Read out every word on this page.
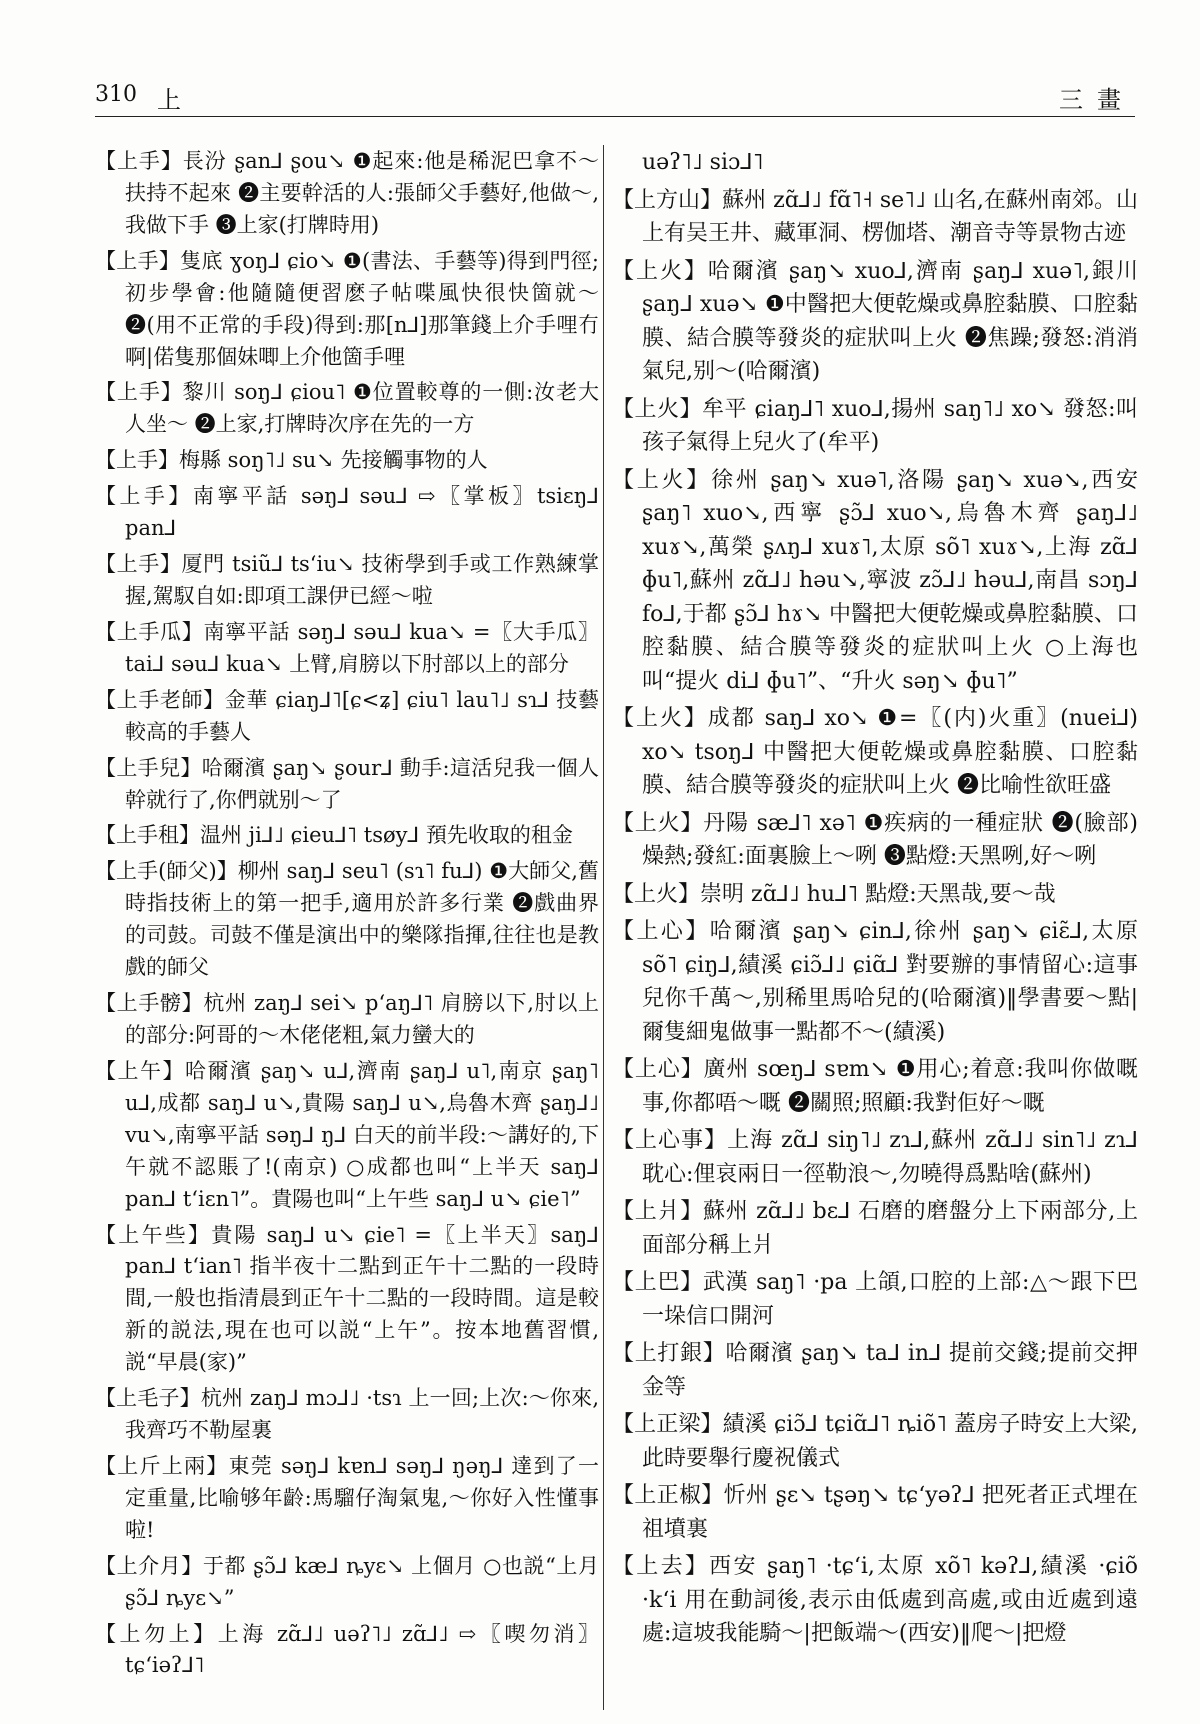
310 上	三畫
【上手】長汾 ʂan⅃ ʂou↘ ❶起來:他是稀泥巴拿不～扶持不起來 ❷主要幹活的人:張師父手藝好,他做～,我做下手 ❸上家(打牌時用)
【上手】隻底 ɣoŋ⅃ ɕio↘ ❶(書法、手藝等)得到門徑;初步學會:他隨隨便習麽子帖喋風快很快箇就～ ❷(用不正常的手段)得到:那[n⅃]那筆錢上介手哩冇啊|偌隻那個妹唧上介他箇手哩
【上手】黎川 soŋ⅃ ɕiou˥ ❶位置較尊的一側:汝老大人坐～ ❷上家,打牌時次序在先的一方
【上手】梅縣 soŋ˥˩ su↘ 先接觸事物的人
【上手】南寧平話 səŋ⅃ səu⅃ ⇨〖掌板〗tsiɛŋ⅃ pan⅃
【上手】厦門 tsiũ⅃ tsʻiu↘ 技術學到手或工作熟練掌握,駕馭自如:即項工課伊已經～啦
【上手瓜】南寧平話 səŋ⅃ səu⅃ kua↘ =〖大手瓜〗tai⅃ səu⅃ kua↘ 上臂,肩膀以下肘部以上的部分
【上手老師】金華 ɕiaŋ⅃˥[ɕ<ʑ] ɕiu˥ lau˥˩ sɿ⅃ 技藝較高的手藝人
【上手兒】哈爾濱 ʂaŋ↘ ʂour⅃ 動手:這活兒我一個人幹就行了,你們就别～了
【上手租】温州 ji⅃˩ ɕieu⅃˥ tsøy⅃ 預先收取的租金
【上手(師父)】柳州 saŋ⅃ seu˥ (sɿ˥ fu⅃) ❶大師父,舊時指技術上的第一把手,適用於許多行業 ❷戲曲界的司鼓。司鼓不僅是演出中的樂隊指揮,往往也是教戲的師父
【上手髈】杭州 zaŋ⅃ sei↘ pʻaŋ⅃˥ 肩膀以下,肘以上的部分:阿哥的～木佬佬粗,氣力蠻大的
【上午】哈爾濱 ʂaŋ↘ u⅃,濟南 ʂaŋ⅃ u˥,南京 ʂaŋ˥ u⅃,成都 saŋ⅃ u↘,貴陽 saŋ⅃ u↘,烏魯木齊 ʂaŋ⅃˩ vu↘,南寧平話 səŋ⅃ ŋ⅃ 白天的前半段:～講好的,下午就不認賬了!(南京) ○成都也叫“上半天 saŋ⅃ pan⅃ tʻiɛn˥”。貴陽也叫“上午些 saŋ⅃ u↘ ɕie˥”
【上午些】貴陽 saŋ⅃ u↘ ɕie˥ =〖上半天〗saŋ⅃ pan⅃ tʻian˥ 指半夜十二點到正午十二點的一段時間,一般也指清晨到正午十二點的一段時間。這是較新的説法,現在也可以説“上午”。按本地舊習慣,説“早晨(家)”
【上毛子】杭州 zaŋ⅃ mɔ⅃˩ ·tsɿ 上一回;上次:～你來,我齊巧不勒屋裏
【上斤上兩】東莞 səŋ⅃ kɐn⅃ səŋ⅃ ŋəŋ⅃ 達到了一定重量,比喻够年齡:馬騮仔淘氣鬼,～你好入性懂事啦!
【上介月】于都 ʂɔ̃⅃ kæ⅃ ȵyɛ↘ 上個月 ○也説“上月 ʂɔ̃⅃ ȵyɛ↘”
【上勿上】上海 zɑ̃⅃˩ uəʔ˥˩ zɑ̃⅃˩ ⇨〖喫勿消〗tɕʻiəʔ⅃˥
uəʔ˥˩ siɔ⅃˥
【上方山】蘇州 zɑ̃⅃˩ fɑ̃˥˧ se˥˩ 山名,在蘇州南郊。山上有吴王井、藏軍洞、楞伽塔、潮音寺等景物古迹
【上火】哈爾濱 ʂaŋ↘ xuo⅃,濟南 ʂaŋ⅃ xuə˥,銀川 ʂaŋ⅃ xuə↘ ❶中醫把大便乾燥或鼻腔黏膜、口腔黏膜、結合膜等發炎的症狀叫上火 ❷焦躁;發怒:消消氣兒,别～(哈爾濱)
【上火】牟平 ɕiaŋ⅃˥ xuo⅃,揚州 saŋ˥˩ xo↘ 發怒:叫孩子氣得上兒火了(牟平)
【上火】徐州 ʂaŋ↘ xuə˥,洛陽 ʂaŋ↘ xuə↘,西安 ʂaŋ˥ xuo↘,西寧 ʂɔ̃⅃ xuo↘,烏魯木齊 ʂaŋ⅃˩ xuɤ↘,萬榮 ʂʌŋ⅃ xuɤ˥,太原 sõ˥ xuɤ↘,上海 zɑ̃⅃ ɸu˥,蘇州 zɑ̃⅃˩ həu↘,寧波 zɔ̃⅃˩ həu⅃,南昌 sɔŋ⅃ fo⅃,于都 ʂɔ̃⅃ hɤ↘ 中醫把大便乾燥或鼻腔黏膜、口腔黏膜、結合膜等發炎的症狀叫上火 ○上海也叫“提火 di⅃ ɸu˥”、“升火 səŋ↘ ɸu˥”
【上火】成都 saŋ⅃ xo↘ ❶=〖(内)火重〗(nuei⅃) xo↘ tsoŋ⅃ 中醫把大便乾燥或鼻腔黏膜、口腔黏膜、結合膜等發炎的症狀叫上火 ❷比喻性欲旺盛
【上火】丹陽 sæ⅃˥ xə˥ ❶疾病的一種症狀 ❷(臉部)燥熱;發紅:面裏臉上～咧 ❸點燈:天黑咧,好～咧
【上火】崇明 zɑ̃⅃˩ hu⅃˥ 點燈:天黑哉,要～哉
【上心】哈爾濱 ʂaŋ↘ ɕin⅃,徐州 ʂaŋ↘ ɕiɛ̃⅃,太原 sõ˥ ɕiŋ⅃,績溪 ɕiɔ̃⅃˩ ɕiɑ̃⅃ 對要辦的事情留心:這事兒你千萬～,别稀里馬哈兒的(哈爾濱)‖學書要～點|爾隻細鬼做事一點都不～(績溪)
【上心】廣州 sœŋ⅃ sɐm↘ ❶用心;着意:我叫你做嘅事,你都唔～嘅 ❷關照;照顧:我對佢好～嘅
【上心事】上海 zɑ̃⅃ siŋ˥˩ zɿ⅃,蘇州 zɑ̃⅃˩ sin˥˩ zɿ⅃ 耽心:俚哀兩日一徑勒浪～,勿曉得爲點啥(蘇州)
【上爿】蘇州 zɑ̃⅃˩ bɛ⅃ 石磨的磨盤分上下兩部分,上面部分稱上爿
【上巴】武漢 saŋ˥ ·pa 上頜,口腔的上部:△～跟下巴一垛信口開河
【上打銀】哈爾濱 ʂaŋ↘ ta⅃ in⅃ 提前交錢;提前交押金等
【上正梁】績溪 ɕiɔ̃⅃ tɕiɑ̃⅃˥ ȵiõ˥ 蓋房子時安上大梁,此時要舉行慶祝儀式
【上正椒】忻州 ʂɛ↘ tʂəŋ↘ tɕʻyəʔ⅃ 把死者正式埋在祖墳裏
【上去】西安 ʂaŋ˥ ·tɕʻi,太原 xõ˥ kəʔ⅃,績溪 ·ɕiõ ·kʻi 用在動詞後,表示由低處到高處,或由近處到遠處:這坡我能騎～|把飯端～(西安)‖爬～|把燈
